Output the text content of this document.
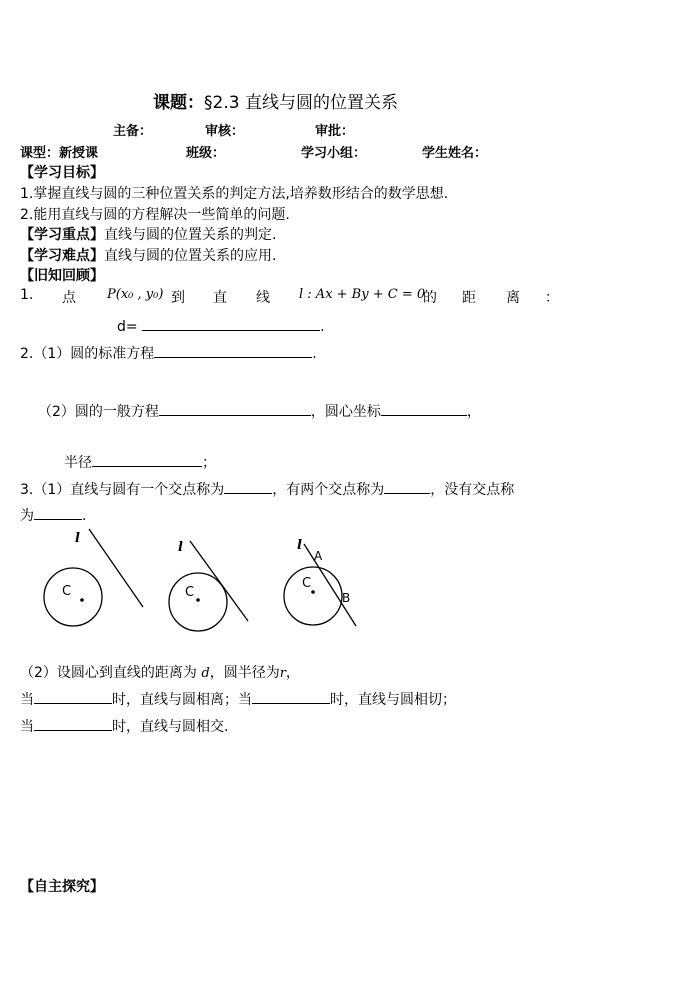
课题：§2.3 直线与圆的位置关系
主备：	审核：	审批：
课型：新授课	班级：	学习小组：	学生姓名：
【学习目标】
1.掌握直线与圆的三种位置关系的判定方法,培养数形结合的数学思想.
2.能用直线与圆的方程解决一些简单的问题.
【学习重点】直线与圆的位置关系的判定.
【学习难点】直线与圆的位置关系的应用.
【旧知回顾】
1. 点 P(x₀ , y₀) 到 直 线 l : Ax + By + C = 0
的 距 离 ：
d=	.
2.（1）圆的标准方程	.
（2）圆的一般方程	，圆心坐标	，
半径	；
3.（1）直线与圆有一个交点称为	，有两个交点称为	，没有交点称
为	.
C
l
C
l
C
l
A
B
（2）设圆心到直线的距离为 d，圆半径为r，
当	时，直线与圆相离；当	时，直线与圆相切；
当	时，直线与圆相交.
【自主探究】
